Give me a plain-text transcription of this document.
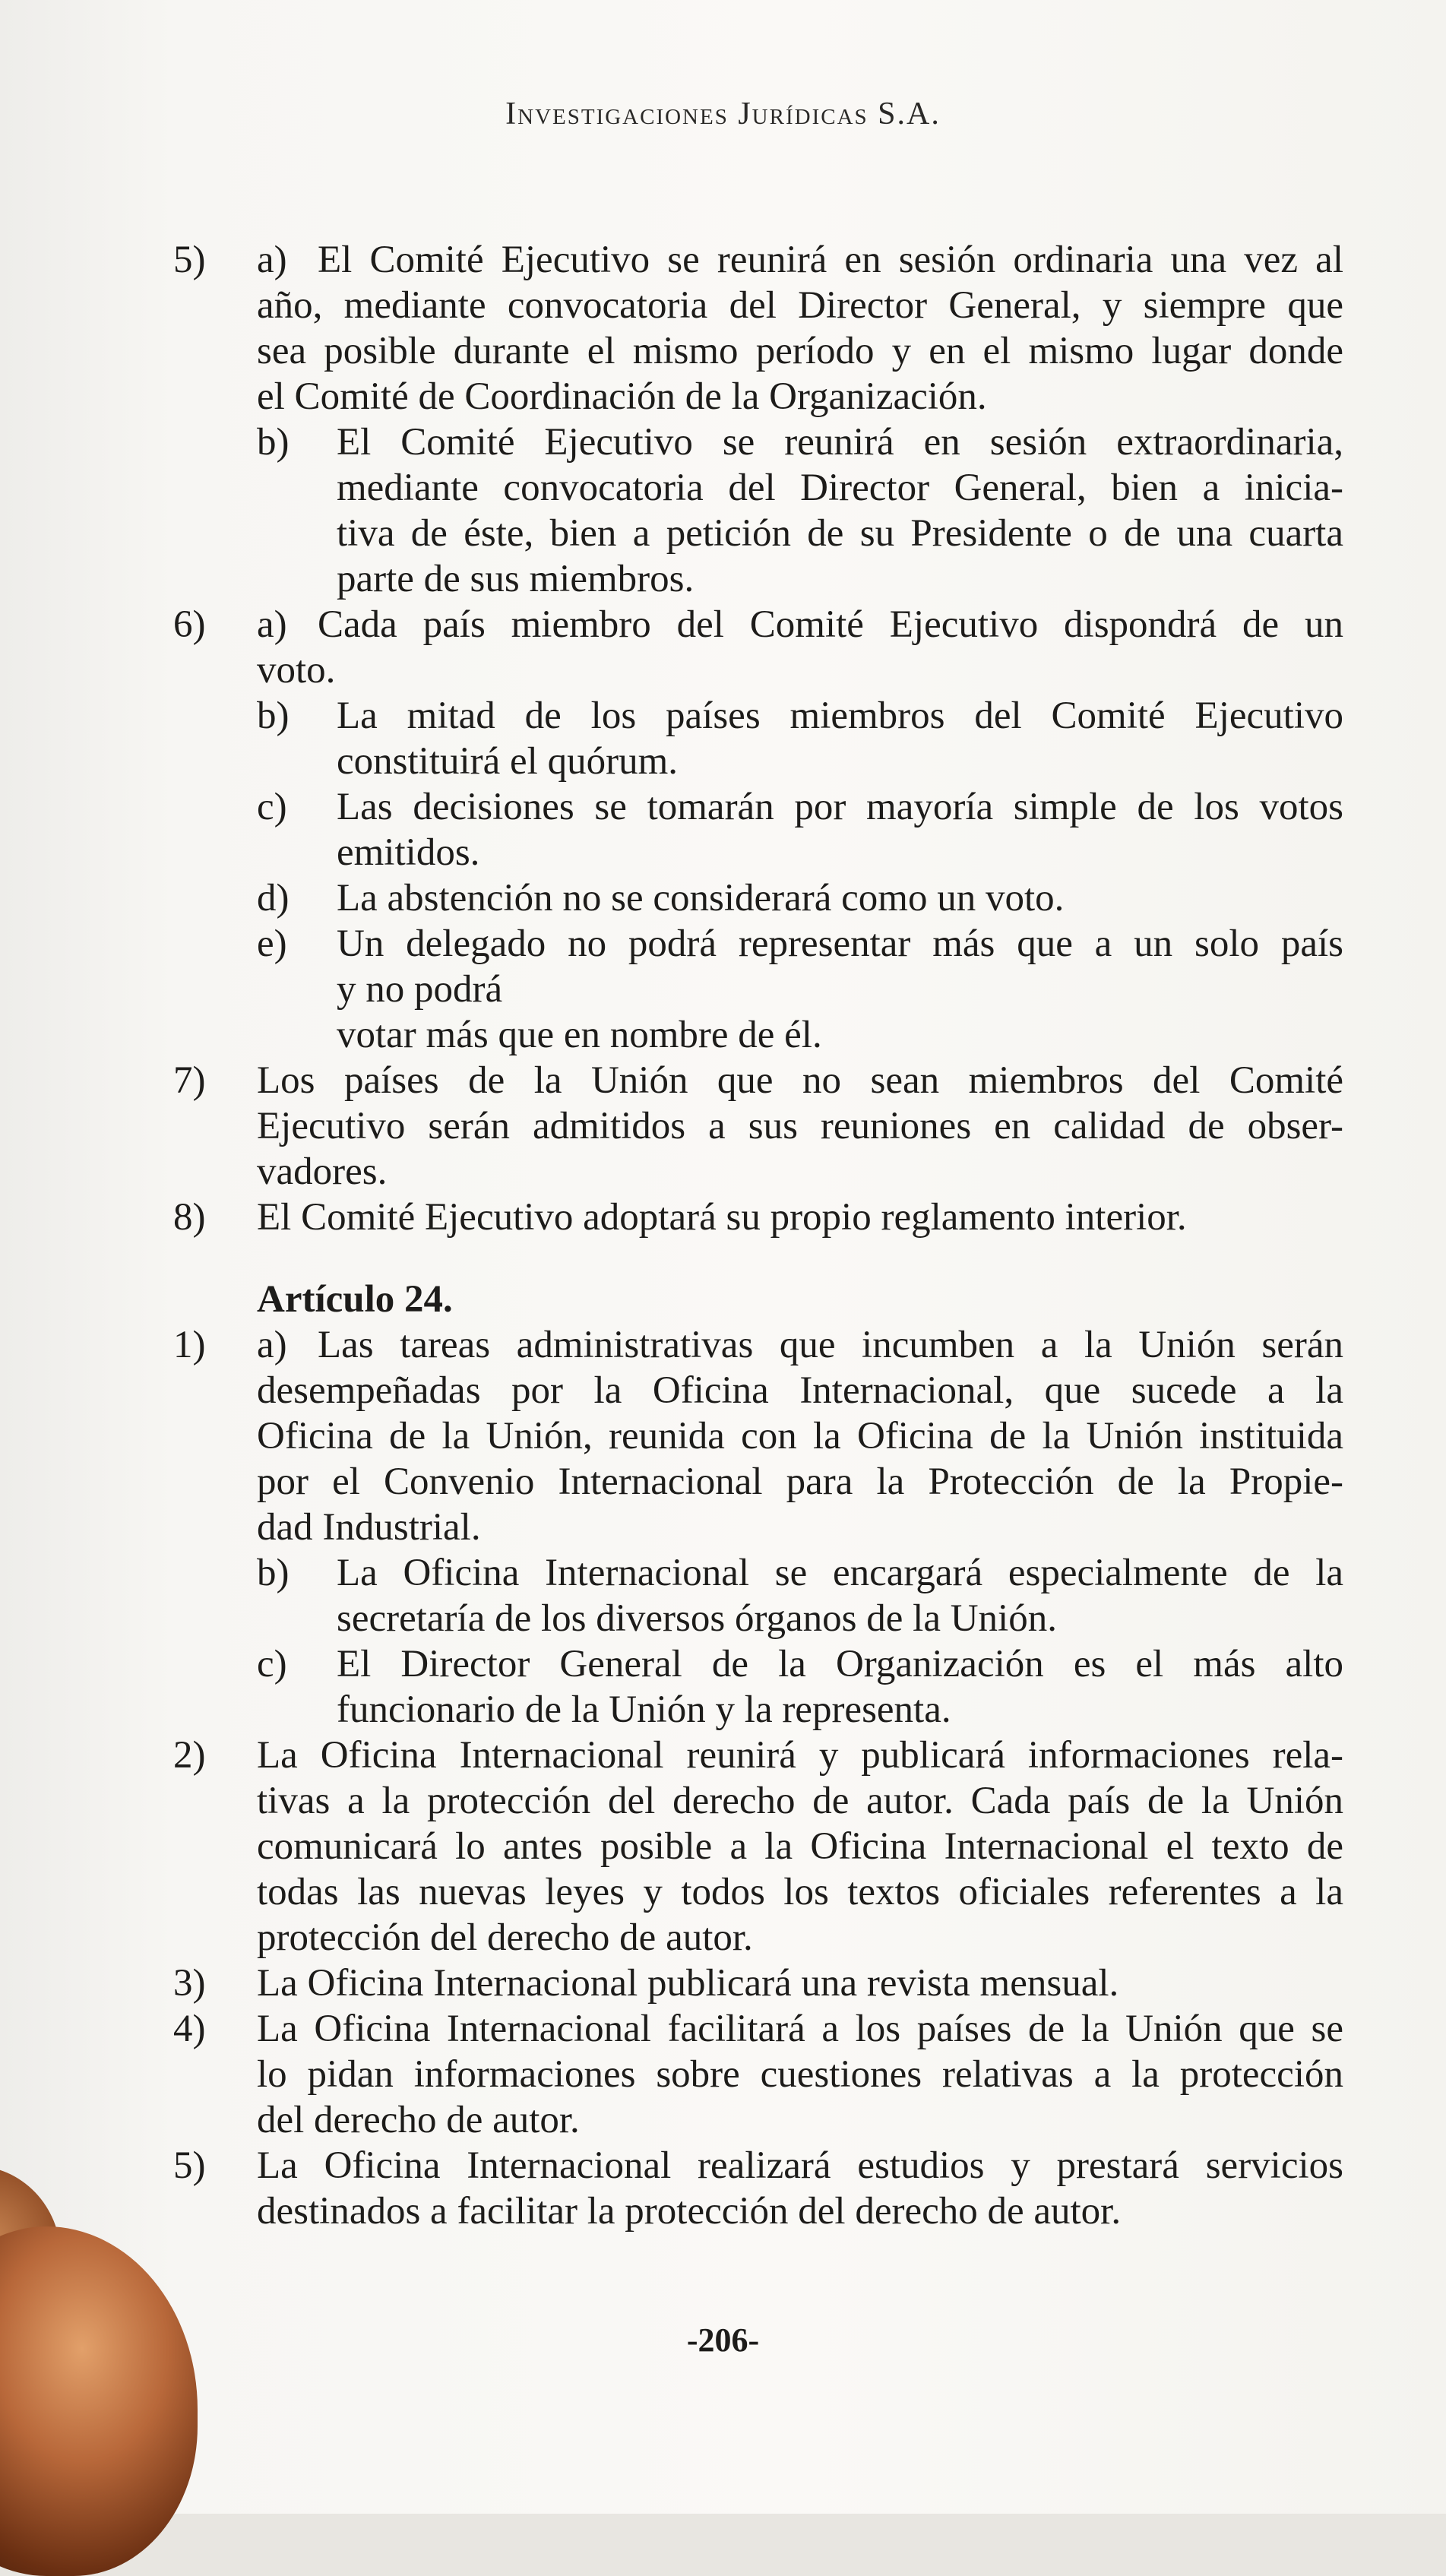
Investigaciones Jurídicas S.A.
5) a) El Comité Ejecutivo se reunirá en sesión ordinaria una vez al
año, mediante convocatoria del Director General, y siempre que
sea posible durante el mismo período y en el mismo lugar donde
el Comité de Coordinación de la Organización.
b) El Comité Ejecutivo se reunirá en sesión extraordinaria,
mediante convocatoria del Director General, bien a inicia-
tiva de éste, bien a petición de su Presidente o de una cuarta
parte de sus miembros.
6) a) Cada país miembro del Comité Ejecutivo dispondrá de un
voto.
b) La mitad de los países miembros del Comité Ejecutivo
constituirá el quórum.
c) Las decisiones se tomarán por mayoría simple de los votos
emitidos.
d) La abstención no se considerará como un voto.
e) Un delegado no podrá representar más que a un solo país
y no podrá
votar más que en nombre de él.
7) Los países de la Unión que no sean miembros del Comité
Ejecutivo serán admitidos a sus reuniones en calidad de obser-
vadores.
8) El Comité Ejecutivo adoptará su propio reglamento interior.
Artículo 24.
1) a) Las tareas administrativas que incumben a la Unión serán
desempeñadas por la Oficina Internacional, que sucede a la
Oficina de la Unión, reunida con la Oficina de la Unión instituida
por el Convenio Internacional para la Protección de la Propie-
dad Industrial.
b) La Oficina Internacional se encargará especialmente de la
secretaría de los diversos órganos de la Unión.
c) El Director General de la Organización es el más alto
funcionario de la Unión y la representa.
2) La Oficina Internacional reunirá y publicará informaciones rela-
tivas a la protección del derecho de autor. Cada país de la Unión
comunicará lo antes posible a la Oficina Internacional el texto de
todas las nuevas leyes y todos los textos oficiales referentes a la
protección del derecho de autor.
3) La Oficina Internacional publicará una revista mensual.
4) La Oficina Internacional facilitará a los países de la Unión que se
lo pidan informaciones sobre cuestiones relativas a la protección
del derecho de autor.
5) La Oficina Internacional realizará estudios y prestará servicios
destinados a facilitar la protección del derecho de autor.
-206-
